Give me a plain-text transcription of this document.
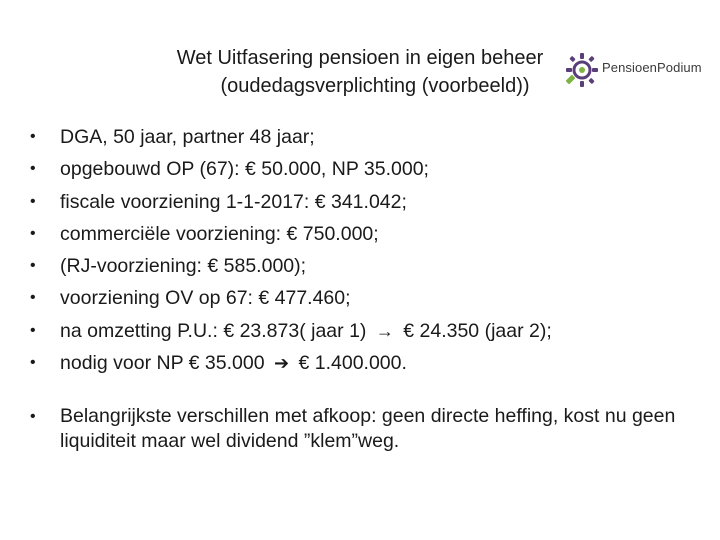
Wet Uitfasering pensioen in eigen beheer
(oudedagsverplichting (voorbeeld))
PensioenPodium
•	DGA, 50 jaar, partner 48 jaar;
•	opgebouwd OP (67): € 50.000, NP 35.000;
•	fiscale voorziening 1-1-2017: € 341.042;
•	commerciële voorziening: € 750.000;
•	(RJ-voorziening: € 585.000);
•	voorziening OV op 67: € 477.460;
•	na omzetting P.U.: € 23.873( jaar 1) → € 24.350 (jaar 2);
•	nodig voor NP € 35.000 ➔ € 1.400.000.
• Belangrijkste verschillen met afkoop: geen directe heffing, kost nu geen liquiditeit maar wel dividend ”klem”weg.
